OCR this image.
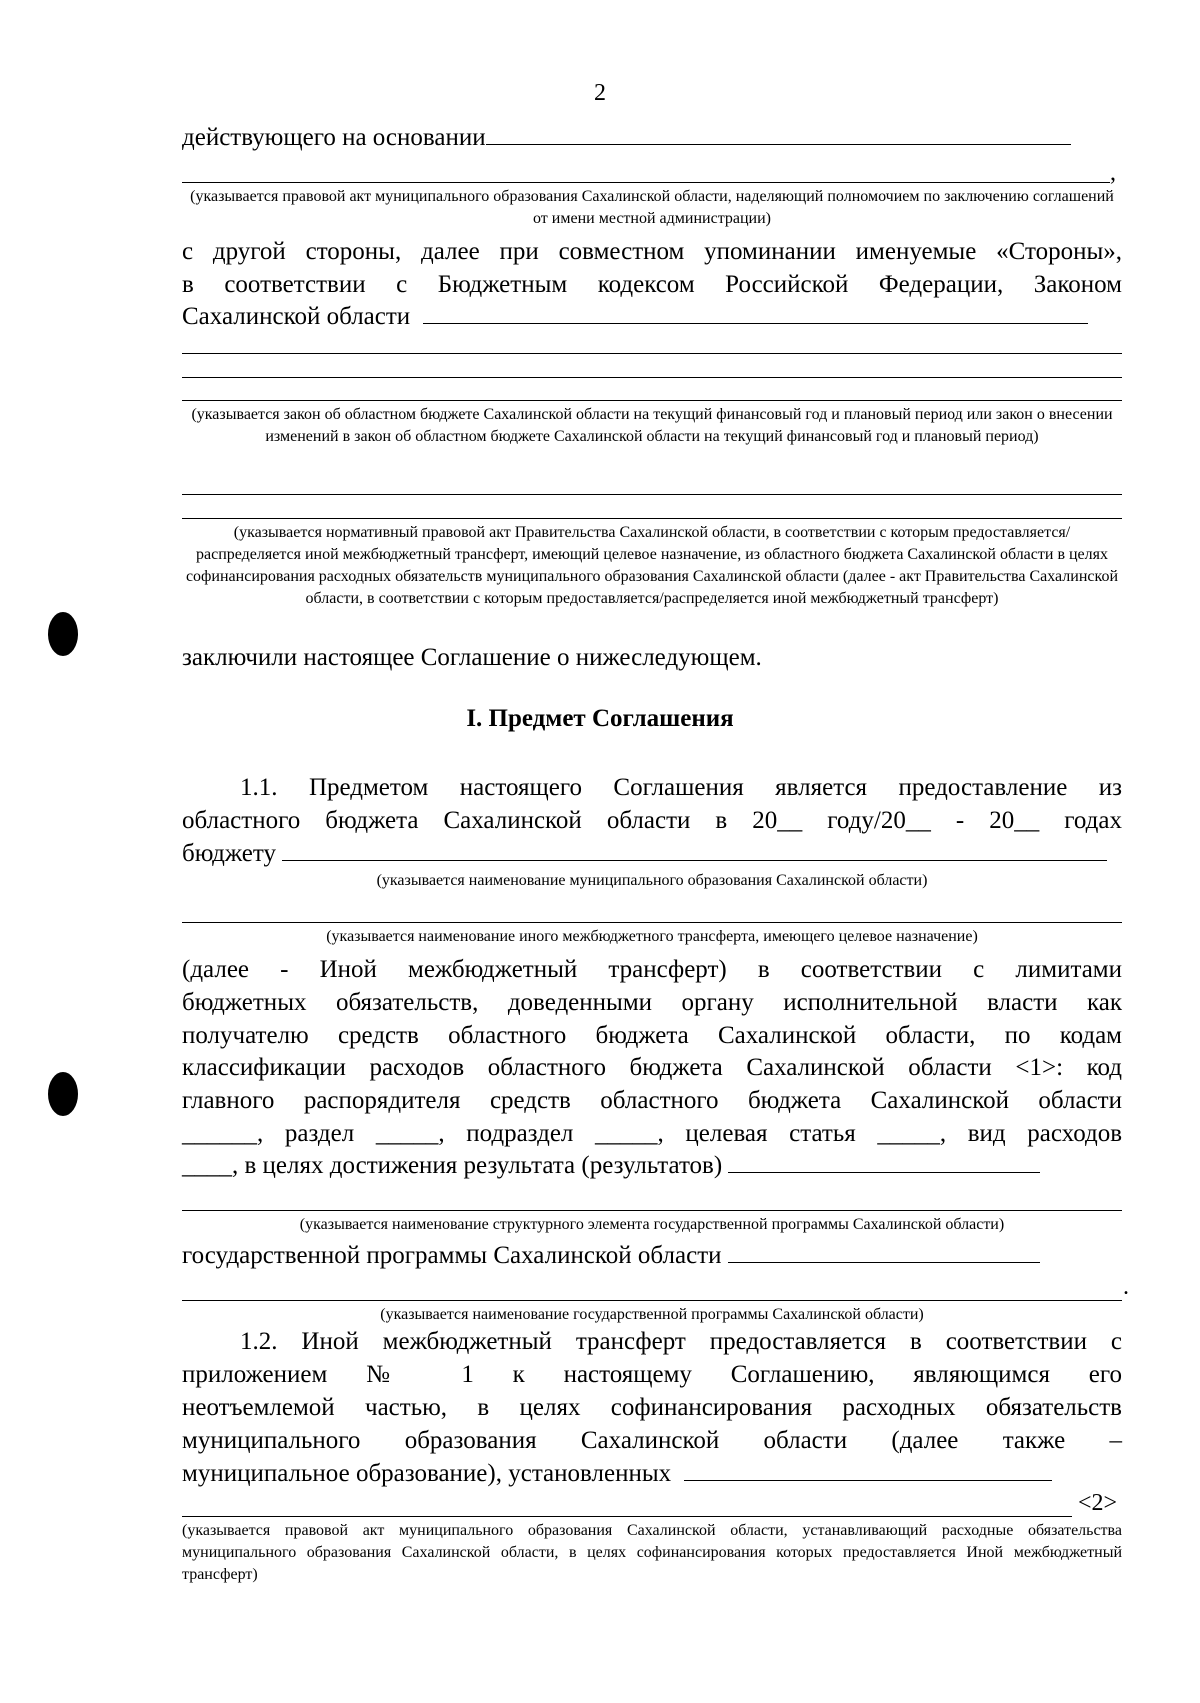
2
действующего на основании
,
(указывается правовой акт муниципального образования Сахалинской области, наделяющий полномочием по заключению соглашений от имени местной администрации)
с другой стороны, далее при совместном упоминании именуемые «Стороны»,
в соответствии с Бюджетным кодексом Российской Федерации, Законом
Сахалинской области
(указывается закон об областном бюджете Сахалинской области на текущий финансовый год и плановый период или закон о внесении изменений в закон об областном бюджете Сахалинской области на текущий финансовый год и плановый период)
(указывается нормативный правовой акт Правительства Сахалинской области, в соответствии с которым предоставляется/распределяется иной межбюджетный трансферт, имеющий целевое назначение, из областного бюджета Сахалинской области в целях софинансирования расходных обязательств муниципального образования Сахалинской области (далее - акт Правительства Сахалинской области, в соответствии с которым предоставляется/распределяется иной межбюджетный трансферт)
заключили настоящее Соглашение о нижеследующем.
I. Предмет Соглашения
1.1. Предметом настоящего Соглашения является предоставление из
областного бюджета Сахалинской области в 20__ году/20__ - 20__ годах
бюджету
(указывается наименование муниципального образования Сахалинской области)
(указывается наименование иного межбюджетного трансферта, имеющего целевое назначение)
(далее - Иной межбюджетный трансферт) в соответствии с лимитами
бюджетных обязательств, доведенными органу исполнительной власти как
получателю средств областного бюджета Сахалинской области, по кодам
классификации расходов областного бюджета Сахалинской области <1>: код
главного распорядителя средств областного бюджета Сахалинской области
______, раздел _____, подраздел _____, целевая статья _____, вид расходов
____, в целях достижения результата (результатов)
(указывается наименование структурного элемента государственной программы Сахалинской области)
государственной программы Сахалинской области
.
(указывается наименование государственной программы Сахалинской области)
1.2. Иной межбюджетный трансферт предоставляется в соответствии с
приложением № 1 к настоящему Соглашению, являющимся его
неотъемлемой частью, в целях софинансирования расходных обязательств
муниципального образования Сахалинской области (далее также –
муниципальное образование), установленных
<2>
(указывается правовой акт муниципального образования Сахалинской области, устанавливающий расходные обязательства муниципального образования Сахалинской области, в целях софинансирования которых предоставляется Иной межбюджетный трансферт)
